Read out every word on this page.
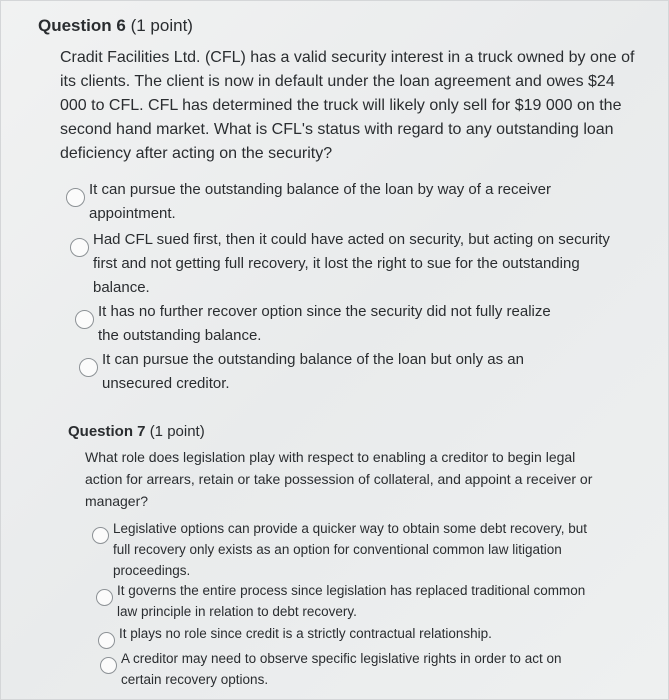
Question 6 (1 point)
Cradit Facilities Ltd. (CFL) has a valid security interest in a truck owned by one of its clients. The client is now in default under the loan agreement and owes $24 000 to CFL. CFL has determined the truck will likely only sell for $19 000 on the second hand market. What is CFL's status with regard to any outstanding loan deficiency after acting on the security?
It can pursue the outstanding balance of the loan by way of a receiver appointment.
Had CFL sued first, then it could have acted on security, but acting on security first and not getting full recovery, it lost the right to sue for the outstanding balance.
It has no further recover option since the security did not fully realize the outstanding balance.
It can pursue the outstanding balance of the loan but only as an unsecured creditor.
Question 7 (1 point)
What role does legislation play with respect to enabling a creditor to begin legal action for arrears, retain or take possession of collateral, and appoint a receiver or manager?
Legislative options can provide a quicker way to obtain some debt recovery, but full recovery only exists as an option for conventional common law litigation proceedings.
It governs the entire process since legislation has replaced traditional common law principle in relation to debt recovery.
It plays no role since credit is a strictly contractual relationship.
A creditor may need to observe specific legislative rights in order to act on certain recovery options.
